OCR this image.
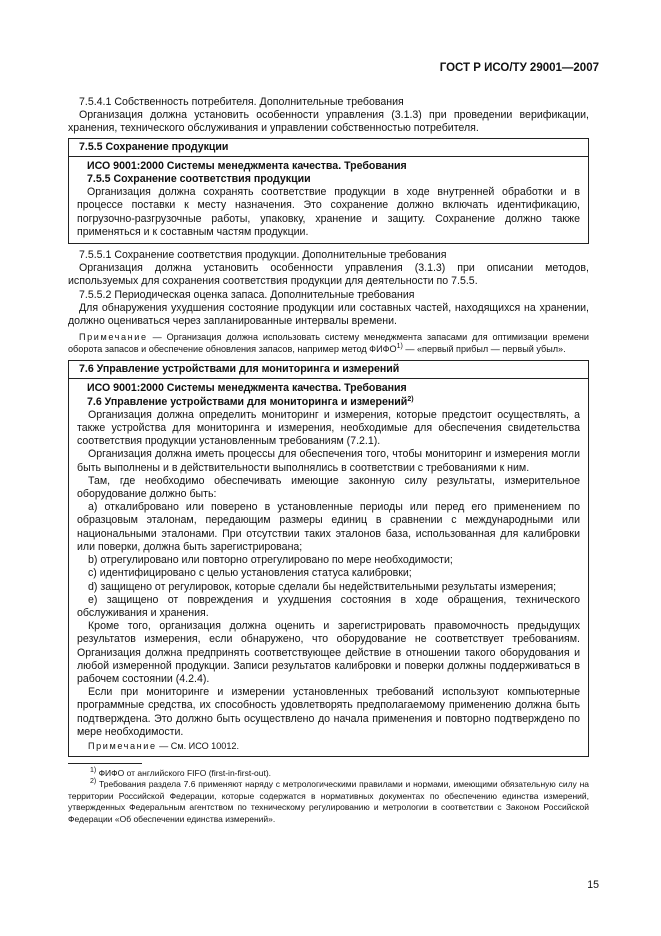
ГОСТ Р ИСО/ТУ 29001—2007

7.5.4.1 Собственность потребителя. Дополнительные требования

Организация должна установить особенности управления (3.1.3) при проведении верификации, хранения, технического обслуживания и управлении собственностью потребителя.

7.5.5 Сохранение продукции

ИСО 9001:2000 Системы менеджмента качества. Требования

7.5.5 Сохранение соответствия продукции

Организация должна сохранять соответствие продукции в ходе внутренней обработки и в процессе поставки к месту назначения. Это сохранение должно включать идентификацию, погрузочно-разгрузочные работы, упаковку, хранение и защиту. Сохранение должно также применяться и к составным частям продукции.

7.5.5.1 Сохранение соответствия продукции. Дополнительные требования

Организация должна установить особенности управления (3.1.3) при описании методов, используемых для сохранения соответствия продукции для деятельности по 7.5.5.

7.5.5.2 Периодическая оценка запаса. Дополнительные требования

Для обнаружения ухудшения состояние продукции или составных частей, находящихся на хранении, должно оцениваться через запланированные интервалы времени.

Примечание — Организация должна использовать систему менеджмента запасами для оптимизации времени оборота запасов и обеспечение обновления запасов, например метод ФИФО$^{1)}$ — «первый прибыл — первый убыл».

7.6 Управление устройствами для мониторинга и измерений

ИСО 9001:2000 Системы менеджмента качества. Требования

7.6 Управление устройствами для мониторинга и измерений$^{2)}$

Организация должна определить мониторинг и измерения, которые предстоит осуществлять, а также устройства для мониторинга и измерения, необходимые для обеспечения свидетельства соответствия продукции установленным требованиям (7.2.1).

Организация должна иметь процессы для обеспечения того, чтобы мониторинг и измерения могли быть выполнены и в действительности выполнялись в соответствии с требованиями к ним.

Там, где необходимо обеспечивать имеющие законную силу результаты, измерительное оборудование должно быть:

a) откалибровано или поверено в установленные периоды или перед его применением по образцовым эталонам, передающим размеры единиц в сравнении с международными или национальными эталонами. При отсутствии таких эталонов база, использованная для калибровки или поверки, должна быть зарегистрирована;

b) отрегулировано или повторно отрегулировано по мере необходимости;

c) идентифицировано с целью установления статуса калибровки;

d) защищено от регулировок, которые сделали бы недействительными результаты измерения;

e) защищено от повреждения и ухудшения состояния в ходе обращения, технического обслуживания и хранения.

Кроме того, организация должна оценить и зарегистрировать правомочность предыдущих результатов измерения, если обнаружено, что оборудование не соответствует требованиям. Организация должна предпринять соответствующее действие в отношении такого оборудования и любой измеренной продукции. Записи результатов калибровки и поверки должны поддерживаться в рабочем состоянии (4.2.4).

Если при мониторинге и измерении установленных требований используют компьютерные программные средства, их способность удовлетворять предполагаемому применению должна быть подтверждена. Это должно быть осуществлено до начала применения и повторно подтверждено по мере необходимости.

Примечание — См. ИСО 10012.

$^{1)}$ ФИФО от английского FIFO (first-in-first-out).

$^{2)}$ Требования раздела 7.6 применяют наряду с метрологическими правилами и нормами, имеющими обязательную силу на территории Российской Федерации, которые содержатся в нормативных документах по обеспечению единства измерений, утвержденных Федеральным агентством по техническому регулированию и метрологии в соответствии с Законом Российской Федерации «Об обеспечении единства измерений».

15
